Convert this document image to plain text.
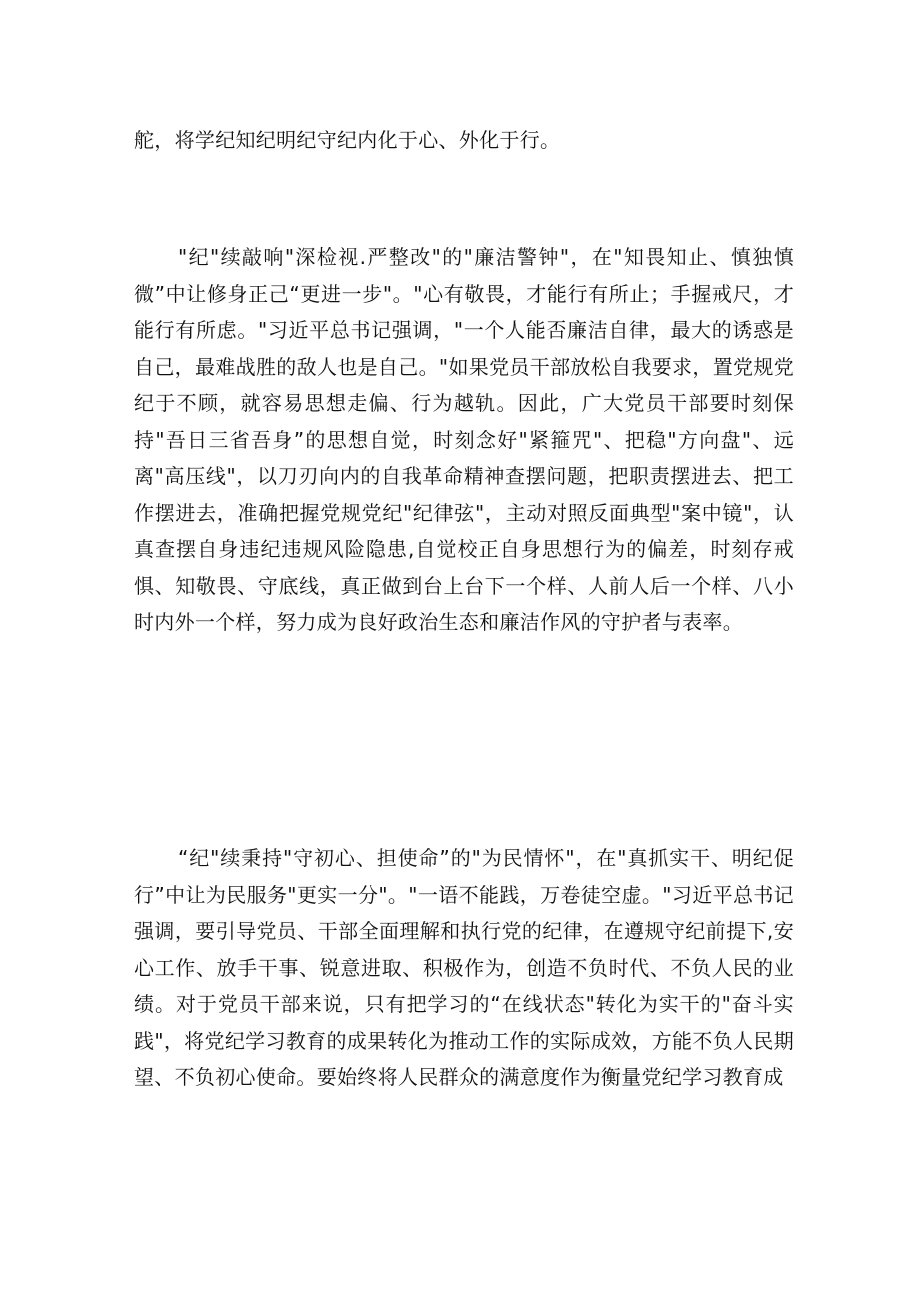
舵，将学纪知纪明纪守纪内化于心、外化于行。

"纪"续敲响"深检视.严整改"的"廉洁警钟"，在"知畏知止、慎独慎微”中让修身正己“更进一步"。"心有敬畏，才能行有所止；手握戒尺，才能行有所虑。"习近平总书记强调，"一个人能否廉洁自律，最大的诱惑是自己，最难战胜的敌人也是自己。"如果党员干部放松自我要求，置党规党纪于不顾，就容易思想走偏、行为越轨。因此，广大党员干部要时刻保持"吾日三省吾身”的思想自觉，时刻念好"紧箍咒"、把稳"方向盘"、远离"高压线"，以刀刃向内的自我革命精神查摆问题，把职责摆进去、把工作摆进去，准确把握党规党纪"纪律弦"，主动对照反面典型"案中镜"，认真查摆自身违纪违规风险隐患,自觉校正自身思想行为的偏差，时刻存戒惧、知敬畏、守底线，真正做到台上台下一个样、人前人后一个样、八小时内外一个样，努力成为良好政治生态和廉洁作风的守护者与表率。

“纪"续秉持"守初心、担使命”的"为民情怀"，在"真抓实干、明纪促行”中让为民服务"更实一分"。"一语不能践，万卷徒空虚。"习近平总书记强调，要引导党员、干部全面理解和执行党的纪律，在遵规守纪前提下,安心工作、放手干事、锐意进取、积极作为，创造不负时代、不负人民的业绩。对于党员干部来说，只有把学习的“在线状态"转化为实干的"奋斗实践"，将党纪学习教育的成果转化为推动工作的实际成效，方能不负人民期望、不负初心使命。要始终将人民群众的满意度作为衡量党纪学习教育成
